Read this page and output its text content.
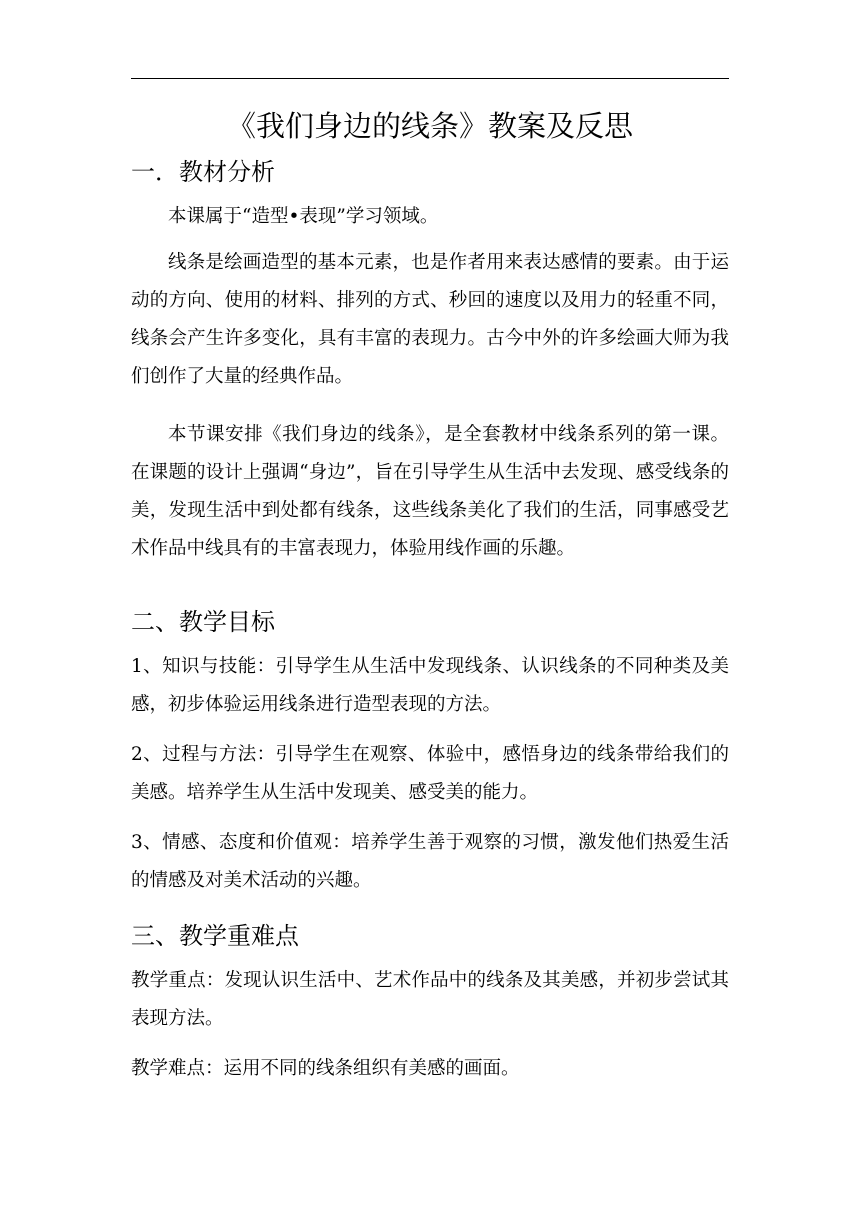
《我们身边的线条》教案及反思
一．教材分析

本课属于“造型•表现”学习领域。

线条是绘画造型的基本元素，也是作者用来表达感情的要素。由于运动的方向、使用的材料、排列的方式、秒回的速度以及用力的轻重不同，线条会产生许多变化，具有丰富的表现力。古今中外的许多绘画大师为我们创作了大量的经典作品。

本节课安排《我们身边的线条》，是全套教材中线条系列的第一课。在课题的设计上强调“身边”，旨在引导学生从生活中去发现、感受线条的美，发现生活中到处都有线条，这些线条美化了我们的生活，同事感受艺术作品中线具有的丰富表现力，体验用线作画的乐趣。

二、教学目标

1、知识与技能：引导学生从生活中发现线条、认识线条的不同种类及美感，初步体验运用线条进行造型表现的方法。

2、过程与方法：引导学生在观察、体验中，感悟身边的线条带给我们的美感。培养学生从生活中发现美、感受美的能力。

3、情感、态度和价值观：培养学生善于观察的习惯，激发他们热爱生活的情感及对美术活动的兴趣。

三、教学重难点

教学重点：发现认识生活中、艺术作品中的线条及其美感，并初步尝试其表现方法。

教学难点：运用不同的线条组织有美感的画面。
